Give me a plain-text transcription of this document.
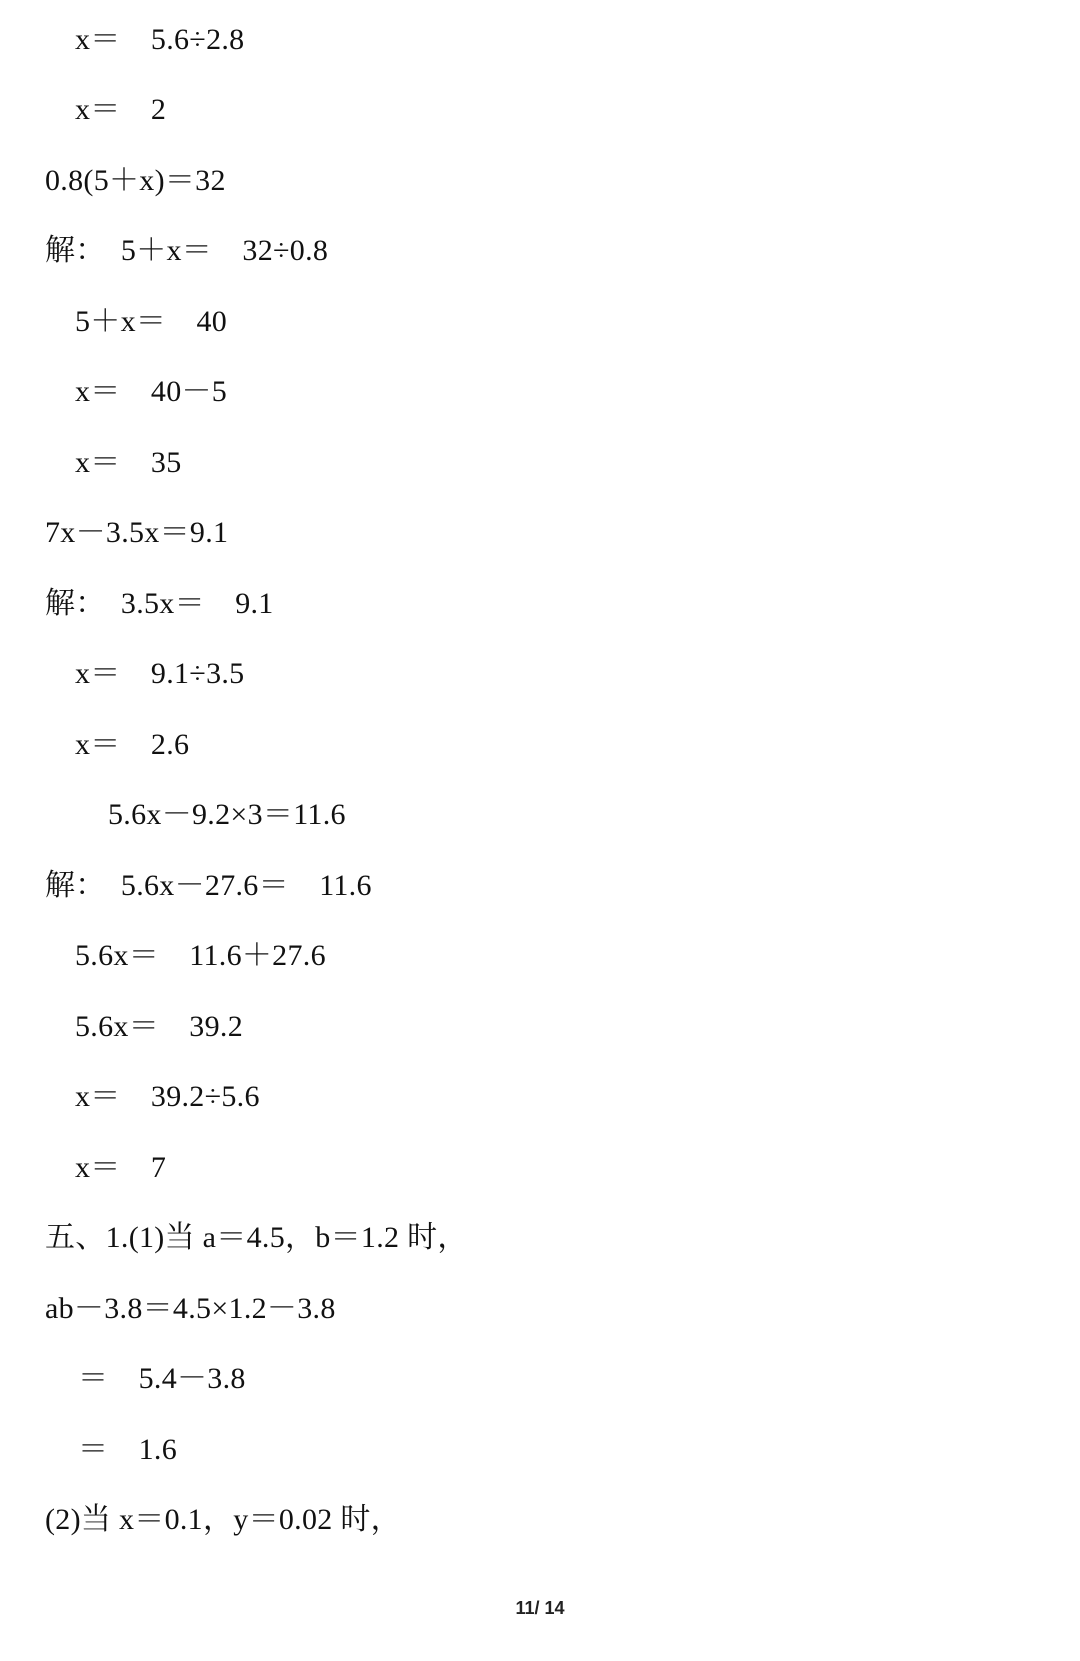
x＝　5.6÷2.8
x＝　2
0.8(5＋x)＝32
解：　5＋x＝　32÷0.8
5＋x＝　40
x＝　40－5
x＝　35
7x－3.5x＝9.1
解：　3.5x＝　9.1
x＝　9.1÷3.5
x＝　2.6
5.6x－9.2×3＝11.6
解：　5.6x－27.6＝　11.6
5.6x＝　11.6＋27.6
5.6x＝　39.2
x＝　39.2÷5.6
x＝　7
五、1.(1)当 a＝4.5，b＝1.2 时，
ab－3.8＝4.5×1.2－3.8
＝　5.4－3.8
＝　1.6
(2)当 x＝0.1，y＝0.02 时，
11/ 14
